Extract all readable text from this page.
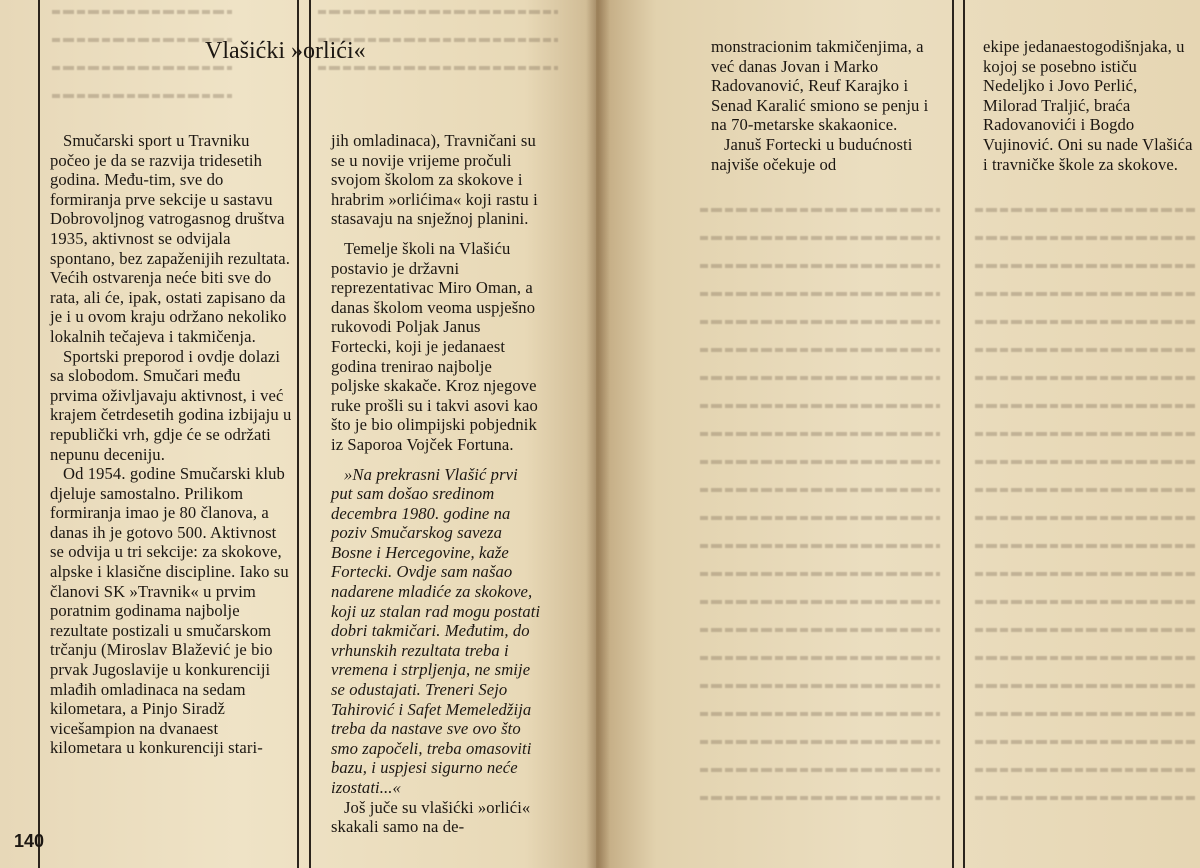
Vlašićki »orlići«

Smučarski sport u Travniku počeo je da se razvija tridesetih godina. Među-tim, sve do formiranja prve sekcije u sastavu Dobrovoljnog vatrogasnog društva 1935, aktivnost se odvijala spontano, bez zapaženijih rezultata. Većih ostvarenja neće biti sve do rata, ali će, ipak, ostati zapisano da je i u ovom kraju održano nekoliko lokalnih tečajeva i takmičenja.

Sportski preporod i ovdje dolazi sa slobodom. Smučari među prvima oživljavaju aktivnost, i već krajem četrdesetih godina izbijaju u republički vrh, gdje će se održati nepunu deceniju.

Od 1954. godine Smučarski klub djeluje samostalno. Prilikom formiranja imao je 80 članova, a danas ih je gotovo 500. Aktivnost se odvija u tri sekcije: za skokove, alpske i klasične discipline. Iako su članovi SK »Travnik« u prvim poratnim godinama najbolje rezultate postizali u smučarskom trčanju (Miroslav Blažević je bio prvak Jugoslavije u konkurenciji mlađih omladinaca na sedam kilometara, a Pinjo Siradž vicešampion na dvanaest kilometara u konkurenciji stari-

jih omladinaca), Travničani su se u novije vrijeme pročuli svojom školom za skokove i hrabrim »orlićima« koji rastu i stasavaju na snježnoj planini.

Temelje školi na Vlašiću postavio je državni reprezentativac Miro Oman, a danas školom veoma uspješno rukovodi Poljak Janus Fortecki, koji je jedanaest godina trenirao najbolje poljske skakače. Kroz njegove ruke prošli su i takvi asovi kao što je bio olimpijski pobjednik iz Saporoa Vojček Fortuna.

»Na prekrasni Vlašić prvi put sam došao sredinom decembra 1980. godine na poziv Smučarskog saveza Bosne i Hercegovine, kaže Fortecki. Ovdje sam našao nadarene mladiće za skokove, koji uz stalan rad mogu postati dobri takmičari. Međutim, do vrhunskih rezultata treba i vremena i strpljenja, ne smije se odustajati. Treneri Sejo Tahirović i Safet Memeledžija treba da nastave sve ovo što smo započeli, treba omasoviti bazu, i uspjesi sigurno neće izostati...«

Još juče su vlašićki »orlići« skakali samo na de-

monstracionim takmičenjima, a već danas Jovan i Marko Radovanović, Reuf Karajko i Senad Karalić smiono se penju i na 70-metarske skakaonice.

Januš Fortecki u budućnosti najviše očekuje od

ekipe jedanaestogodišnjaka, u kojoj se posebno ističu Nedeljko i Jovo Perlić, Milorad Traljić, braća Radovanovići i Bogdo Vujinović. Oni su nade Vlašića i travničke škole za skokove.

140
